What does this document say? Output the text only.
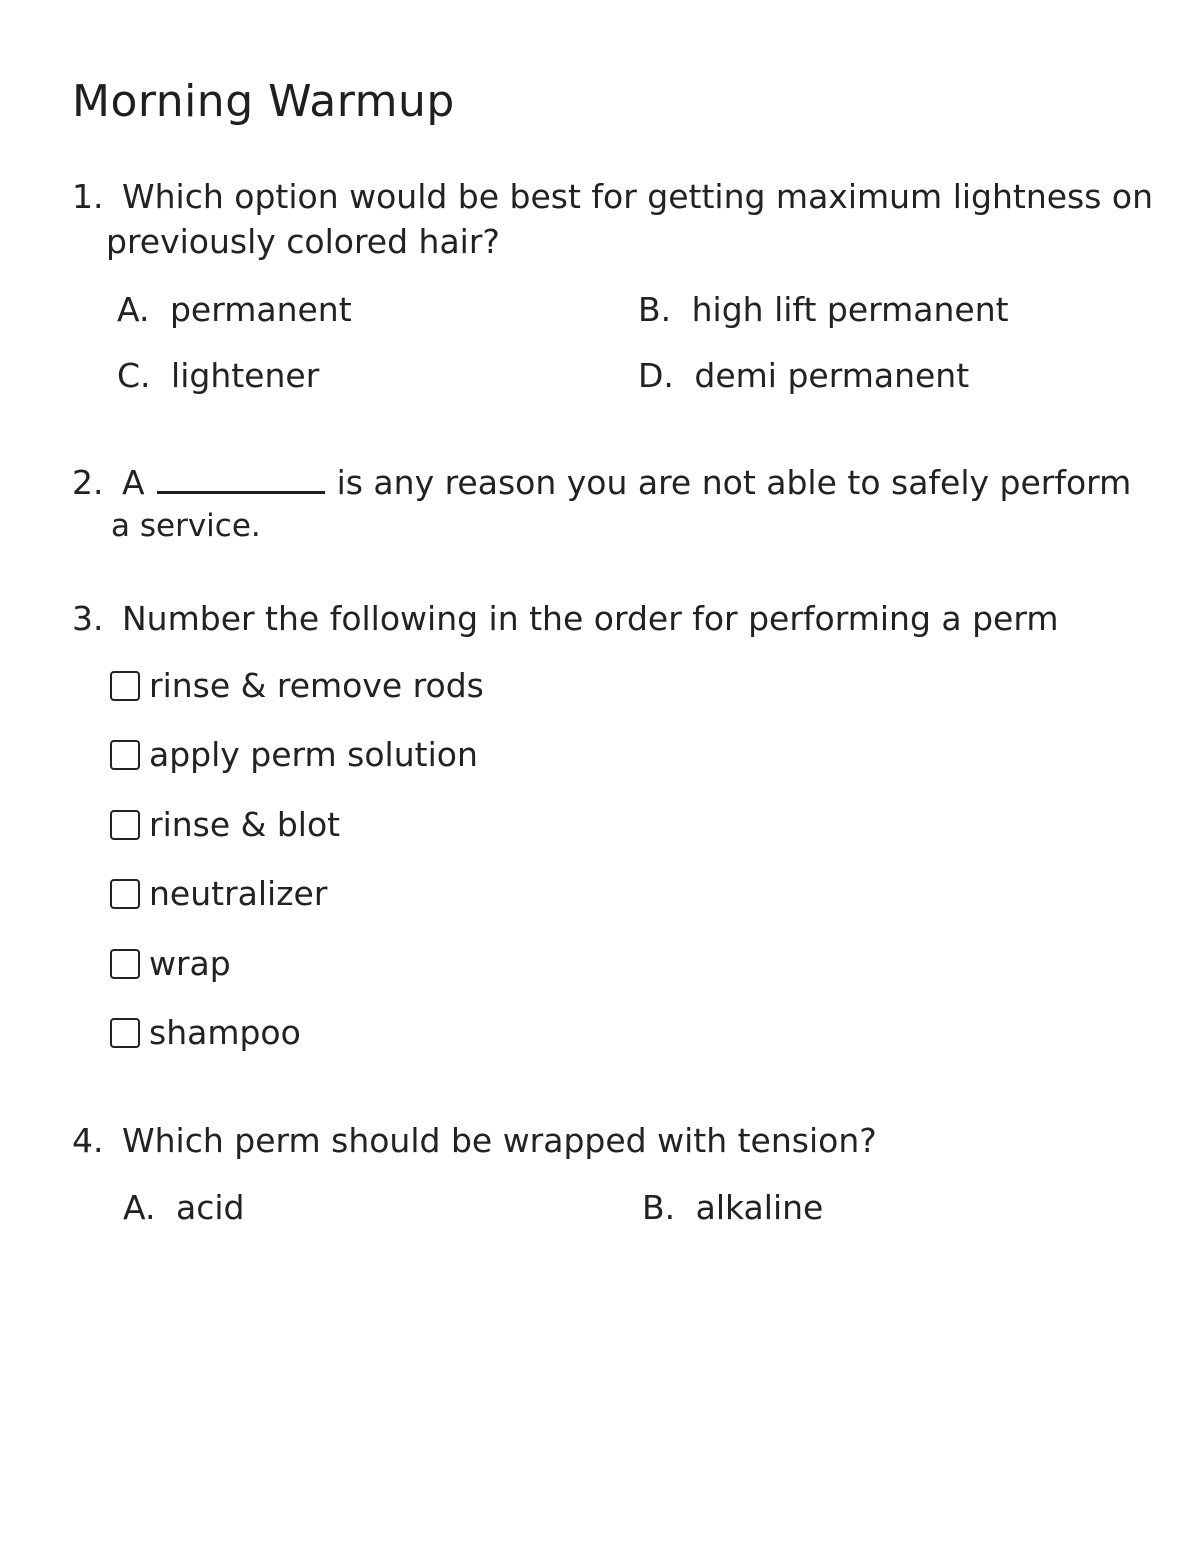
Morning Warmup
1. Which option would be best for getting maximum lightness on
previously colored hair?
A. permanent	B. high lift permanent
C. lightener	D. demi permanent
2. A	is any reason you are not able to safely perform
a service.
3. Number the following in the order for performing a perm
rinse & remove rods
apply perm solution
rinse & blot
neutralizer
wrap
shampoo
4. Which perm should be wrapped with tension?
A. acid	B. alkaline
